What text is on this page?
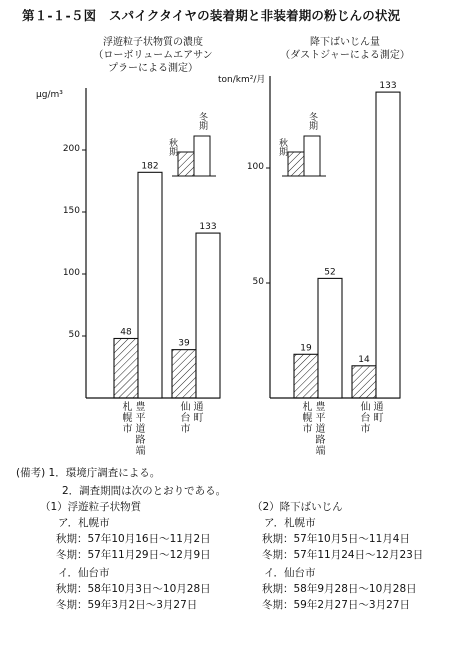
第１-１-５図　スパイクタイヤの装着期と非装着期の粉じんの状況
浮遊粒子状物質の濃度
（ローボリュームエアサン
プラーによる測定）
μg/m³
降下ばいじん量
（ダストジャーによる測定）
ton/km²/月
48
182
39
133
秋期
冬期
19
52
14
133
秋期
冬期
札幌市
豊平道路端
仙台市
通町
札幌市
豊平道路端
仙台市
通町
50
100
150
200
50
100
(備考) 1．環境庁調査による。
2．調査期間は次のとおりである。
（1）浮遊粒子状物質
ア．札幌市
秋期：57年10月16日〜11月2日
冬期：57年11月29日〜12月9日
イ．仙台市
秋期：58年10月3日〜10月28日
冬期：59年3月2日〜3月27日
（2）降下ばいじん
ア．札幌市
秋期：57年10月5日〜11月4日
冬期：57年11月24日〜12月23日
イ．仙台市
秋期：58年9月28日〜10月28日
冬期：59年2月27日〜3月27日
